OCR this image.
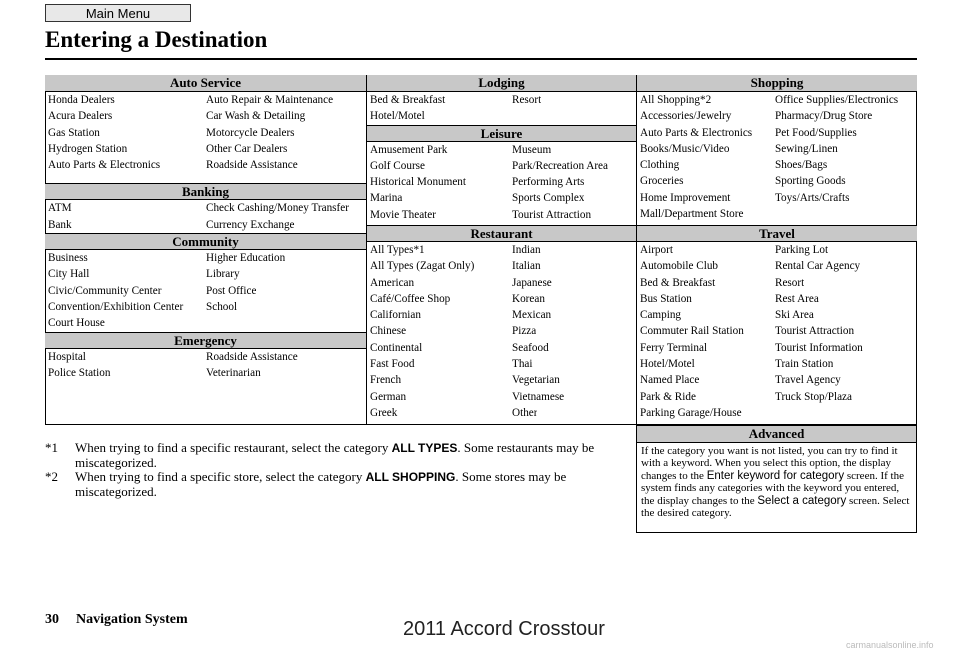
Main Menu
Entering a Destination
Auto Service
Honda Dealers	Auto Repair & Maintenance
Acura Dealers	Car Wash & Detailing
Gas Station	Motorcycle Dealers
Hydrogen Station	Other Car Dealers
Auto Parts & Electronics	Roadside Assistance
Banking
ATM	Check Cashing/Money Transfer
Bank	Currency Exchange
Community
Business	Higher Education
City Hall	Library
Civic/Community Center	Post Office
Convention/Exhibition Center	School
Court House
Emergency
Hospital	Roadside Assistance
Police Station	Veterinarian
Lodging
Bed & Breakfast	Resort
Hotel/Motel
Leisure
Amusement Park	Museum
Golf Course	Park/Recreation Area
Historical Monument	Performing Arts
Marina	Sports Complex
Movie Theater	Tourist Attraction
Shopping
All Shopping*2	Office Supplies/Electronics
Accessories/Jewelry	Pharmacy/Drug Store
Auto Parts & Electronics	Pet Food/Supplies
Books/Music/Video	Sewing/Linen
Clothing	Shoes/Bags
Groceries	Sporting Goods
Home Improvement	Toys/Arts/Crafts
Mall/Department Store
Restaurant
All Types*1	Indian
All Types (Zagat Only)	Italian
American	Japanese
Café/Coffee Shop	Korean
Californian	Mexican
Chinese	Pizza
Continental	Seafood
Fast Food	Thai
French	Vegetarian
German	Vietnamese
Greek	Other
Travel
Airport	Parking Lot
Automobile Club	Rental Car Agency
Bed & Breakfast	Resort
Bus Station	Rest Area
Camping	Ski Area
Commuter Rail Station	Tourist Attraction
Ferry Terminal	Tourist Information
Hotel/Motel	Train Station
Named Place	Travel Agency
Park & Ride	Truck Stop/Plaza
Parking Garage/House
*1	When trying to find a specific restaurant, select the category ALL TYPES. Some restaurants may be miscategorized.
*2	When trying to find a specific store, select the category ALL SHOPPING. Some stores may be miscategorized.
Advanced
If the category you want is not listed, you can try to find it with a keyword. When you select this option, the display changes to the Enter keyword for category screen. If the system finds any categories with the keyword you entered, the display changes to the Select a category screen. Select the desired category.
30 Navigation System	2011 Accord Crosstour
carmanualsonline.info
